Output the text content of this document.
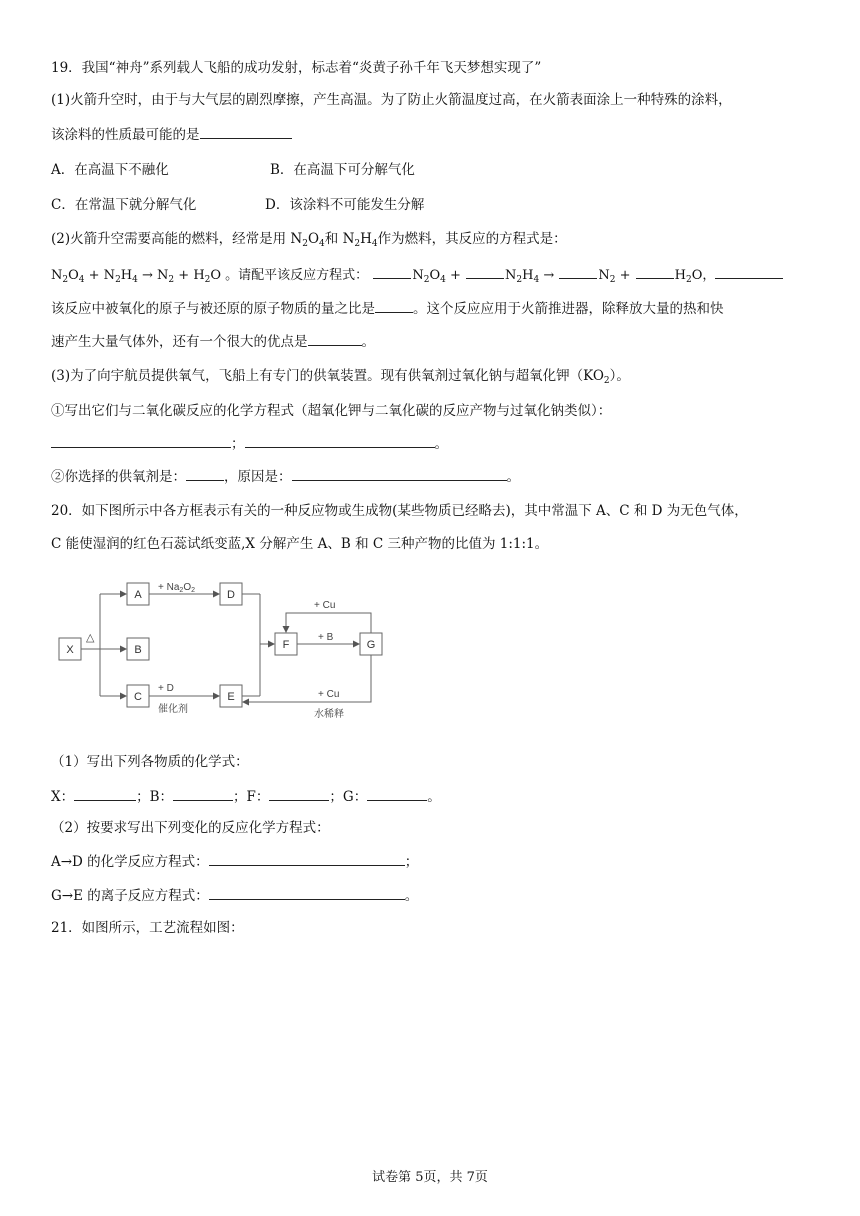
19．我国“神舟”系列载人飞船的成功发射，标志着“炎黄子孙千年飞天梦想实现了”
(1)火箭升空时，由于与大气层的剧烈摩擦，产生高温。为了防止火箭温度过高，在火箭表面涂上一种特殊的涂料，
该涂料的性质最可能的是
A．在高温下不融化	B．在高温下可分解气化
C．在常温下就分解气化	D．该涂料不可能发生分解
(2)火箭升空需要高能的燃料，经常是用 $N_2O_4$和 $N_2H_4$作为燃料，其反应的方程式是：
$N_2O_4 + N_2H_4 \to N_2 + H_2O$ 。请配平该反应方程式：	$N_2O_4$ +	$N_2H_4$ →	$N_2$ +	$H_2O$，
该反应中被氧化的原子与被还原的原子物质的量之比是	。这个反应应用于火箭推进器，除释放大量的热和快
速产生大量气体外，还有一个很大的优点是	。
(3)为了向宇航员提供氧气，飞船上有专门的供氧装置。现有供氧剂过氧化钠与超氧化钾$(KO_2)$。
①写出它们与二氧化碳反应的化学方程式（超氧化钾与二氧化碳的反应产物与过氧化钠类似）：
；	。
②你选择的供氧剂是：	，原因是：	。
20．如下图所示中各方框表示有关的一种反应物或生成物(某些物质已经略去)，其中常温下 A、C 和 D 为无色气体，
C 能使湿润的红色石蕊试纸变蓝,X 分解产生 A、B 和 C 三种产物的比值为 1:1:1。
X
A
B
C
D
E
F	G
+ $Na_2O_2$
△
+ Cu
+ B
+ D
催化剂
+ Cu
水稀释
（1）写出下列各物质的化学式：
X：	；B：	；F：	；G：	。
（2）按要求写出下列变化的反应化学方程式：
A→D 的化学反应方程式：	；
G→E 的离子反应方程式：	。
21．如图所示，工艺流程如图：
试卷第 5页，共 7页
